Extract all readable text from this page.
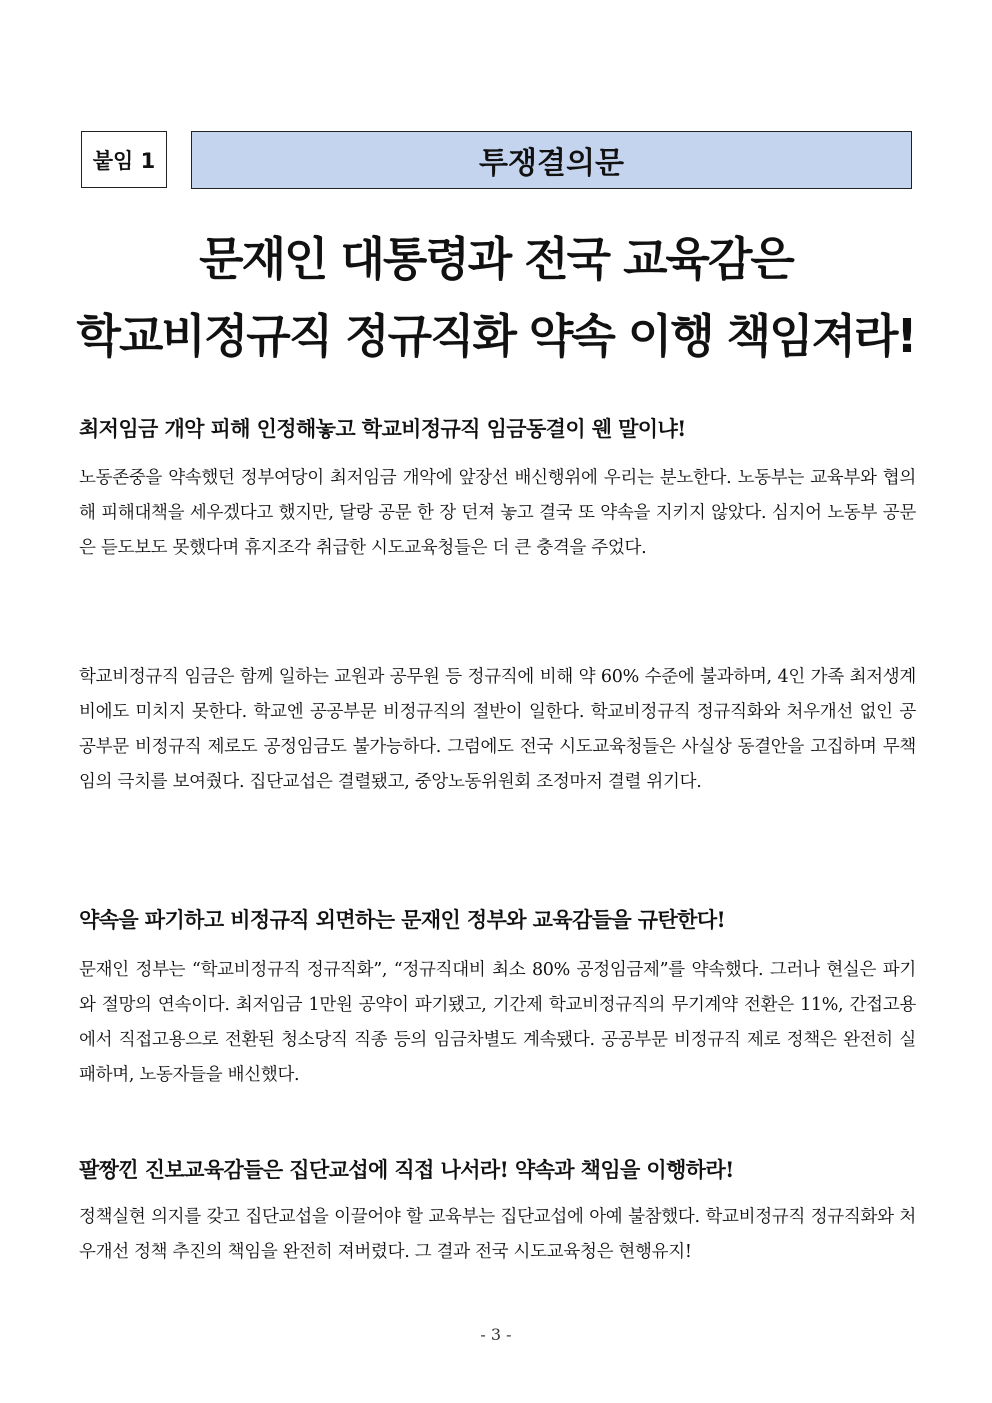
붙임 1	투쟁결의문
문재인 대통령과 전국 교육감은
학교비정규직 정규직화 약속 이행 책임져라!
최저임금 개악 피해 인정해놓고 학교비정규직 임금동결이 웬 말이냐!

노동존중을 약속했던 정부여당이 최저임금 개악에 앞장선 배신행위에 우리는 분노한다. 노동부는 교육부와 협의해 피해대책을 세우겠다고 했지만, 달랑 공문 한 장 던져 놓고 결국 또 약속을 지키지 않았다. 심지어 노동부 공문은 듣도보도 못했다며 휴지조각 취급한 시도교육청들은 더 큰 충격을 주었다.

학교비정규직 임금은 함께 일하는 교원과 공무원 등 정규직에 비해 약 60% 수준에 불과하며, 4인 가족 최저생계비에도 미치지 못한다. 학교엔 공공부문 비정규직의 절반이 일한다. 학교비정규직 정규직화와 처우개선 없인 공공부문 비정규직 제로도 공정임금도 불가능하다. 그럼에도 전국 시도교육청들은 사실상 동결안을 고집하며 무책임의 극치를 보여줬다. 집단교섭은 결렬됐고, 중앙노동위원회 조정마저 결렬 위기다.

약속을 파기하고 비정규직 외면하는 문재인 정부와 교육감들을 규탄한다!

문재인 정부는 “학교비정규직 정규직화”, “정규직대비 최소 80% 공정임금제”를 약속했다. 그러나 현실은 파기와 절망의 연속이다. 최저임금 1만원 공약이 파기됐고, 기간제 학교비정규직의 무기계약 전환은 11%, 간접고용에서 직접고용으로 전환된 청소당직 직종 등의 임금차별도 계속됐다. 공공부문 비정규직 제로 정책은 완전히 실패하며, 노동자들을 배신했다.

팔짱낀 진보교육감들은 집단교섭에 직접 나서라! 약속과 책임을 이행하라!

정책실현 의지를 갖고 집단교섭을 이끌어야 할 교육부는 집단교섭에 아예 불참했다. 학교비정규직 정규직화와 처우개선 정책 추진의 책임을 완전히 져버렸다. 그 결과 전국 시도교육청은 현행유지!

- 3 -
